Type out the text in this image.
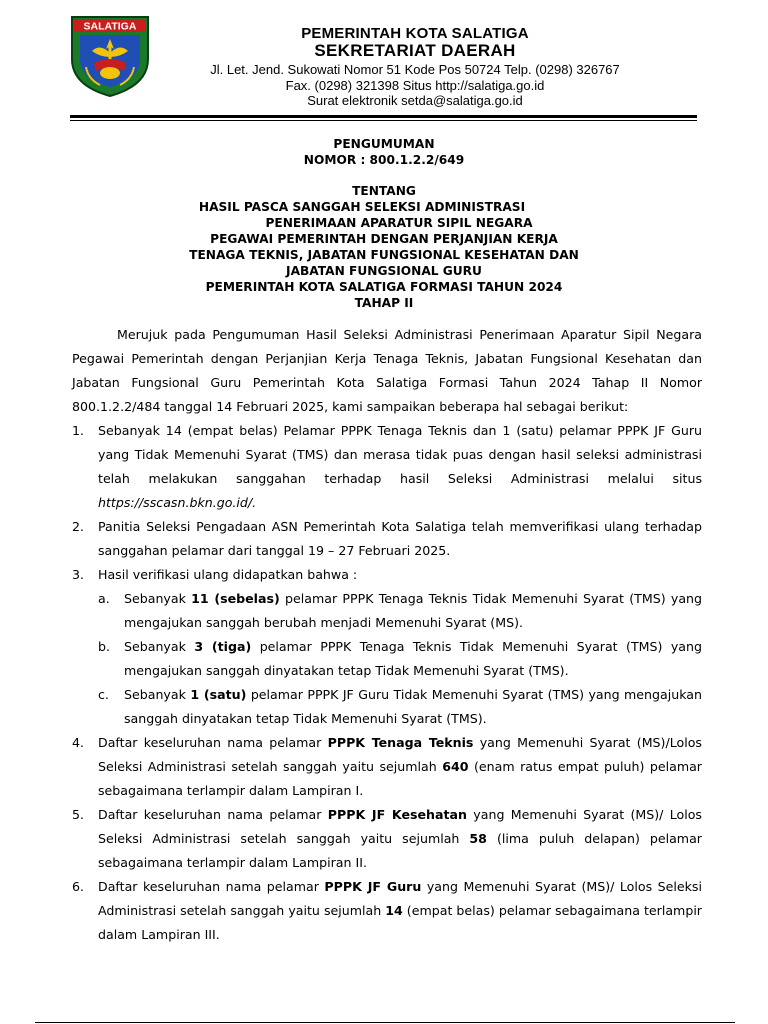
SALATIGA	PEMERINTAH KOTA SALATIGA
SEKRETARIAT DAERAH
Jl. Let. Jend. Sukowati Nomor 51 Kode Pos 50724 Telp. (0298) 326767
Fax. (0298) 321398 Situs http://salatiga.go.id
Surat elektronik setda@salatiga.go.id
PENGUMUMAN
NOMOR : 800.1.2.2/649
TENTANG
HASIL PASCA SANGGAH SELEKSI ADMINISTRASI
PENERIMAAN APARATUR SIPIL NEGARA
PEGAWAI PEMERINTAH DENGAN PERJANJIAN KERJA
TENAGA TEKNIS, JABATAN FUNGSIONAL KESEHATAN DAN
JABATAN FUNGSIONAL GURU
PEMERINTAH KOTA SALATIGA FORMASI TAHUN 2024
TAHAP II

Merujuk pada Pengumuman Hasil Seleksi Administrasi Penerimaan Aparatur Sipil Negara Pegawai Pemerintah dengan Perjanjian Kerja Tenaga Teknis, Jabatan Fungsional Kesehatan dan Jabatan Fungsional Guru Pemerintah Kota Salatiga Formasi Tahun 2024 Tahap II Nomor 800.1.2.2/484 tanggal 14 Februari 2025, kami sampaikan beberapa hal sebagai berikut:

1. Sebanyak 14 (empat belas) Pelamar PPPK Tenaga Teknis dan 1 (satu) pelamar PPPK JF Guru yang Tidak Memenuhi Syarat (TMS) dan merasa tidak puas dengan hasil seleksi administrasi telah melakukan sanggahan terhadap hasil Seleksi Administrasi melalui situs https://sscasn.bkn.go.id/.
2. Panitia Seleksi Pengadaan ASN Pemerintah Kota Salatiga telah memverifikasi ulang terhadap sanggahan pelamar dari tanggal 19 – 27 Februari 2025.
3. Hasil verifikasi ulang didapatkan bahwa :
a. Sebanyak 11 (sebelas) pelamar PPPK Tenaga Teknis Tidak Memenuhi Syarat (TMS) yang mengajukan sanggah berubah menjadi Memenuhi Syarat (MS).
b. Sebanyak 3 (tiga) pelamar PPPK Tenaga Teknis Tidak Memenuhi Syarat (TMS) yang mengajukan sanggah dinyatakan tetap Tidak Memenuhi Syarat (TMS).
c. Sebanyak 1 (satu) pelamar PPPK JF Guru Tidak Memenuhi Syarat (TMS) yang mengajukan sanggah dinyatakan tetap Tidak Memenuhi Syarat (TMS).
4. Daftar keseluruhan nama pelamar PPPK Tenaga Teknis yang Memenuhi Syarat (MS)/Lolos Seleksi Administrasi setelah sanggah yaitu sejumlah 640 (enam ratus empat puluh) pelamar sebagaimana terlampir dalam Lampiran I.
5. Daftar keseluruhan nama pelamar PPPK JF Kesehatan yang Memenuhi Syarat (MS)/ Lolos Seleksi Administrasi setelah sanggah yaitu sejumlah 58 (lima puluh delapan) pelamar sebagaimana terlampir dalam Lampiran II.
6. Daftar keseluruhan nama pelamar PPPK JF Guru yang Memenuhi Syarat (MS)/ Lolos Seleksi Administrasi setelah sanggah yaitu sejumlah 14 (empat belas) pelamar sebagaimana terlampir dalam Lampiran III.
